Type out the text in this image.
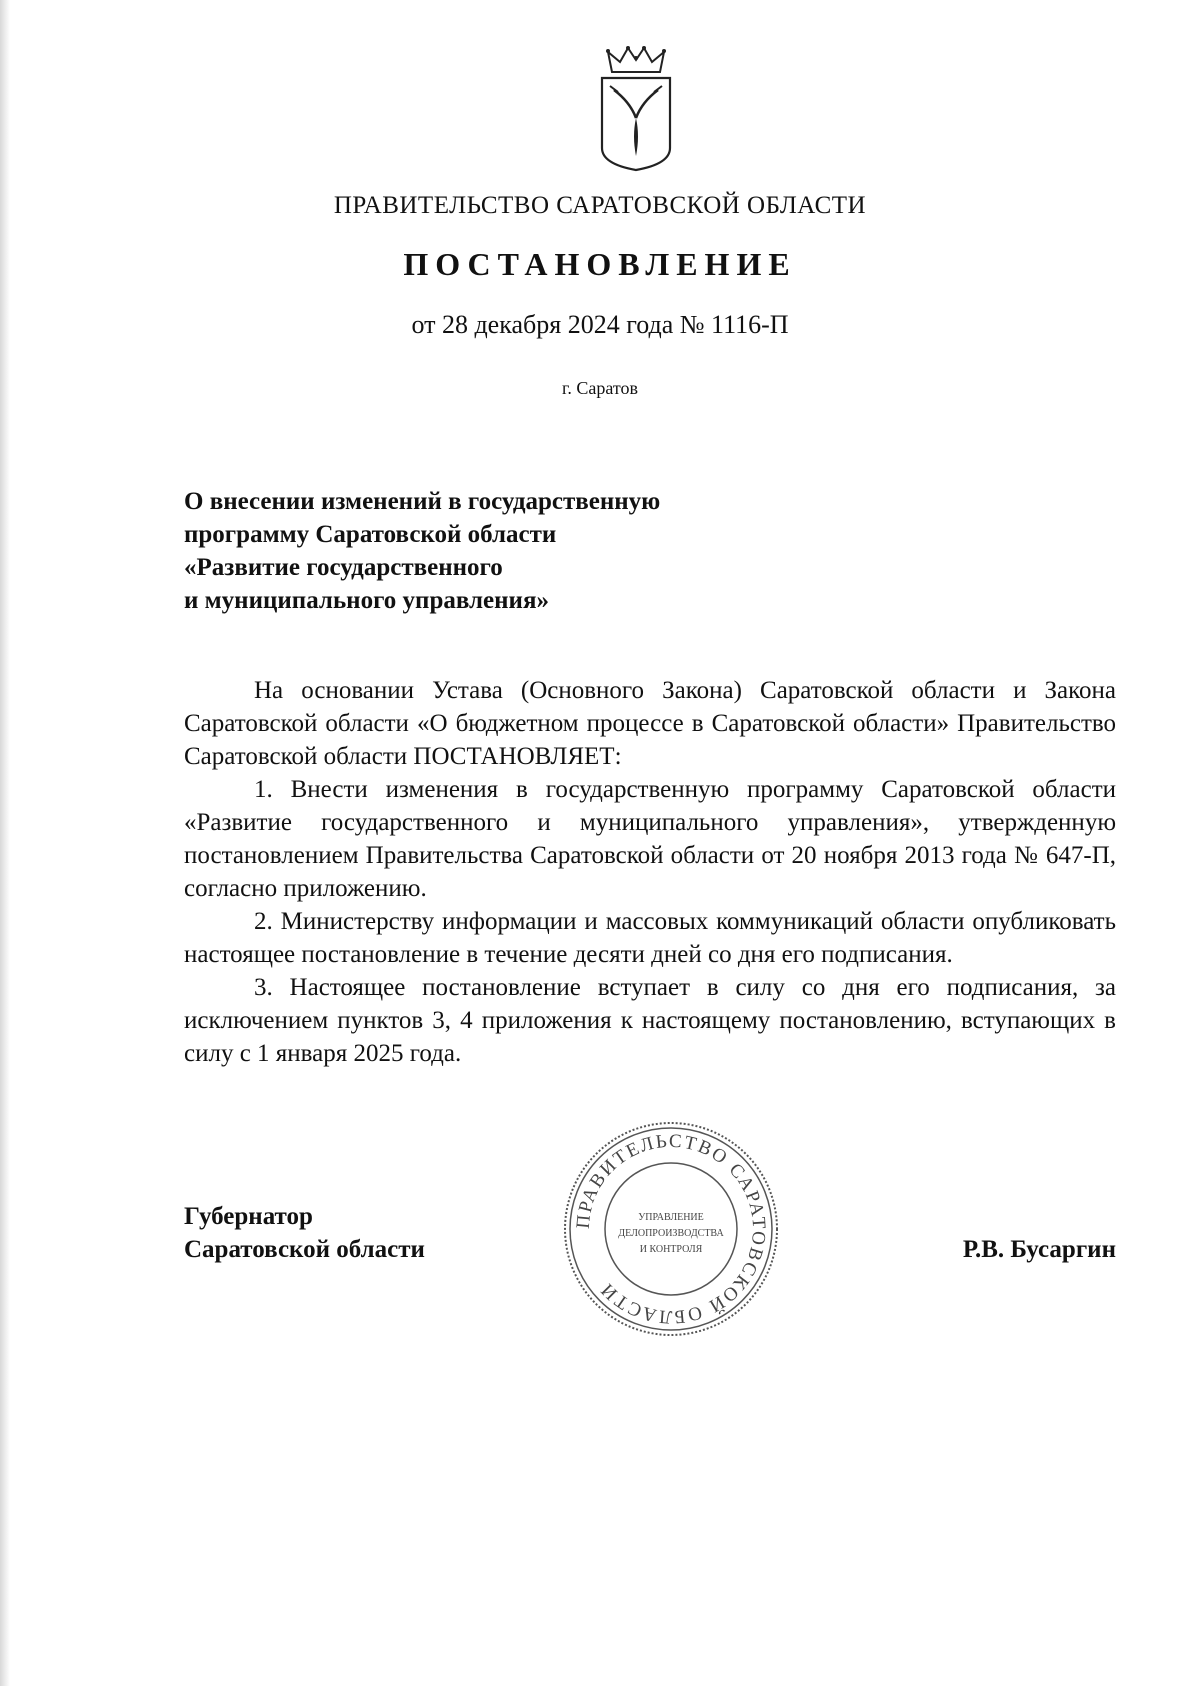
ПРАВИТЕЛЬСТВО САРАТОВСКОЙ ОБЛАСТИ
ПОСТАНОВЛЕНИЕ
от 28 декабря 2024 года № 1116-П
г. Саратов
О внесении изменений в государственную
программу Саратовской области
«Развитие государственного
и муниципального управления»

На основании Устава (Основного Закона) Саратовской области и Закона Саратовской области «О бюджетном процессе в Саратовской области» Правительство Саратовской области ПОСТАНОВЛЯЕТ:

1. Внести изменения в государственную программу Саратовской области «Развитие государственного и муниципального управления», утвержденную постановлением Правительства Саратовской области от 20 ноября 2013 года № 647-П, согласно приложению.

2. Министерству информации и массовых коммуникаций области опубликовать настоящее постановление в течение десяти дней со дня его подписания.

3. Настоящее постановление вступает в силу со дня его подписания, за исключением пунктов 3, 4 приложения к настоящему постановлению, вступающих в силу с 1 января 2025 года.

Губернатор
Саратовской области
ПРАВИТЕЛЬСТВО САРАТОВСКОЙ ОБЛАСТИ
УПРАВЛЕНИЕ
ДЕЛОПРОИЗВОДСТВА
И КОНТРОЛЯ	Р.В. Бусаргин
